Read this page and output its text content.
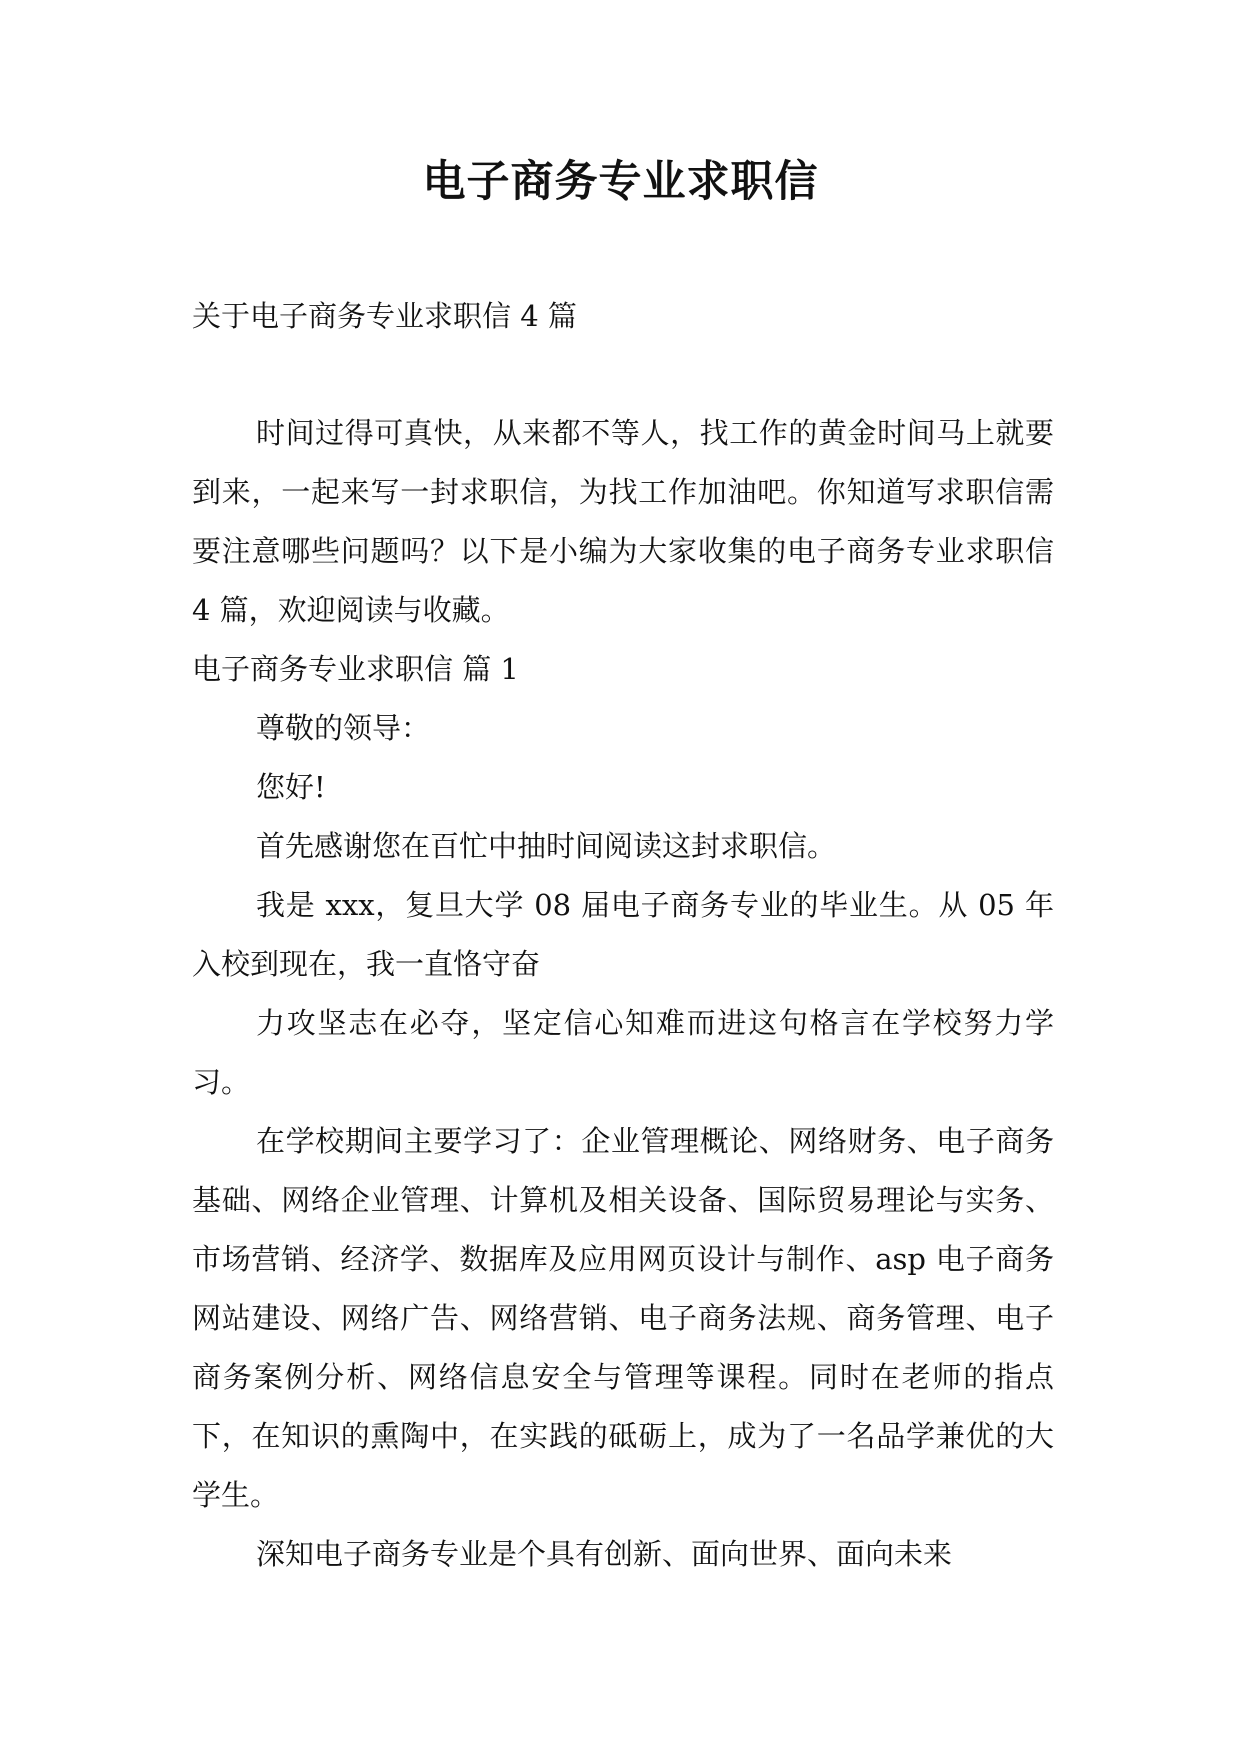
电子商务专业求职信

关于电子商务专业求职信 4 篇

时间过得可真快，从来都不等人，找工作的黄金时间马上就要到来，一起来写一封求职信，为找工作加油吧。你知道写求职信需要注意哪些问题吗？以下是小编为大家收集的电子商务专业求职信 4 篇，欢迎阅读与收藏。

电子商务专业求职信 篇 1

尊敬的领导：

您好!

首先感谢您在百忙中抽时间阅读这封求职信。

我是 xxx，复旦大学 08 届电子商务专业的毕业生。从 05 年入校到现在，我一直恪守奋

力攻坚志在必夺，坚定信心知难而进这句格言在学校努力学习。

在学校期间主要学习了：企业管理概论、网络财务、电子商务基础、网络企业管理、计算机及相关设备、国际贸易理论与实务、市场营销、经济学、数据库及应用网页设计与制作、asp 电子商务网站建设、网络广告、网络营销、电子商务法规、商务管理、电子商务案例分析、网络信息安全与管理等课程。同时在老师的指点下，在知识的熏陶中，在实践的砥砺上，成为了一名品学兼优的大学生。

深知电子商务专业是个具有创新、面向世界、面向未来
